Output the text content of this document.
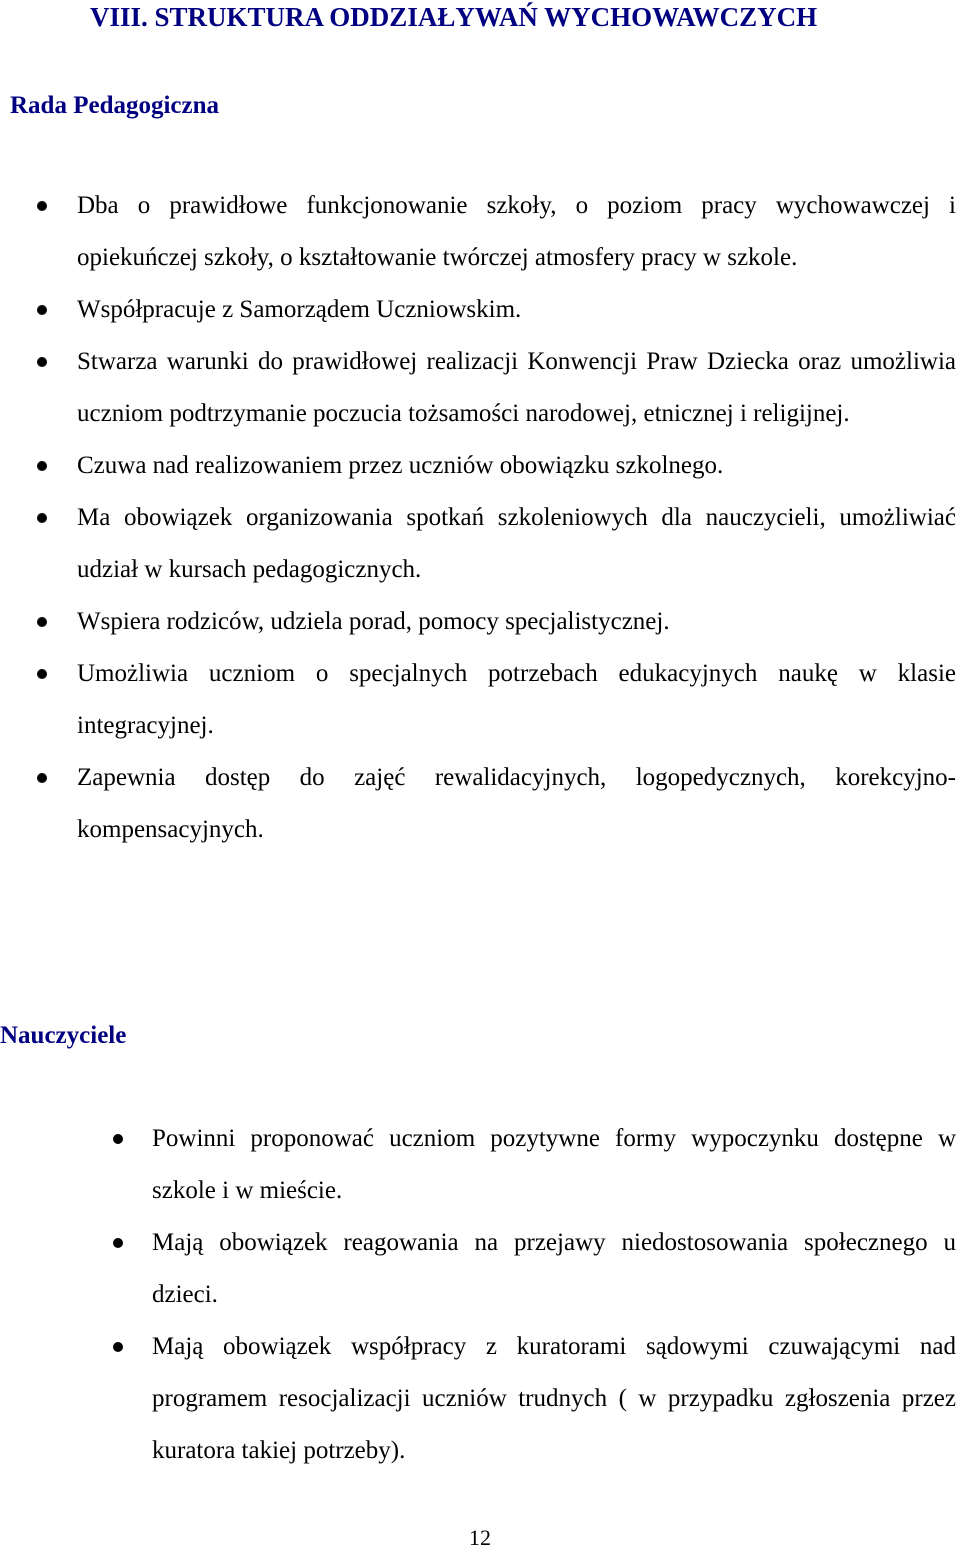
VIII. STRUKTURA ODDZIAŁYWAŃ WYCHOWAWCZYCH
Rada Pedagogiczna
Dba o prawidłowe funkcjonowanie szkoły, o poziom pracy wychowawczej i opiekuńczej szkoły, o kształtowanie twórczej atmosfery pracy w szkole.
Współpracuje z Samorządem Uczniowskim.
Stwarza warunki do prawidłowej realizacji Konwencji Praw Dziecka oraz umożliwia uczniom podtrzymanie poczucia tożsamości narodowej, etnicznej i religijnej.
Czuwa nad realizowaniem przez uczniów obowiązku szkolnego.
Ma obowiązek organizowania spotkań szkoleniowych dla nauczycieli, umożliwiać udział w kursach pedagogicznych.
Wspiera rodziców, udziela porad, pomocy specjalistycznej.
Umożliwia uczniom o specjalnych potrzebach edukacyjnych naukę w klasie integracyjnej.
Zapewnia dostęp do zajęć rewalidacyjnych, logopedycznych, korekcyjno-kompensacyjnych.
Nauczyciele
Powinni proponować uczniom pozytywne formy wypoczynku dostępne w szkole i w mieście.
Mają obowiązek reagowania na przejawy niedostosowania społecznego u dzieci.
Mają obowiązek współpracy z kuratorami sądowymi czuwającymi nad programem resocjalizacji uczniów trudnych ( w przypadku zgłoszenia przez kuratora takiej potrzeby).
12
